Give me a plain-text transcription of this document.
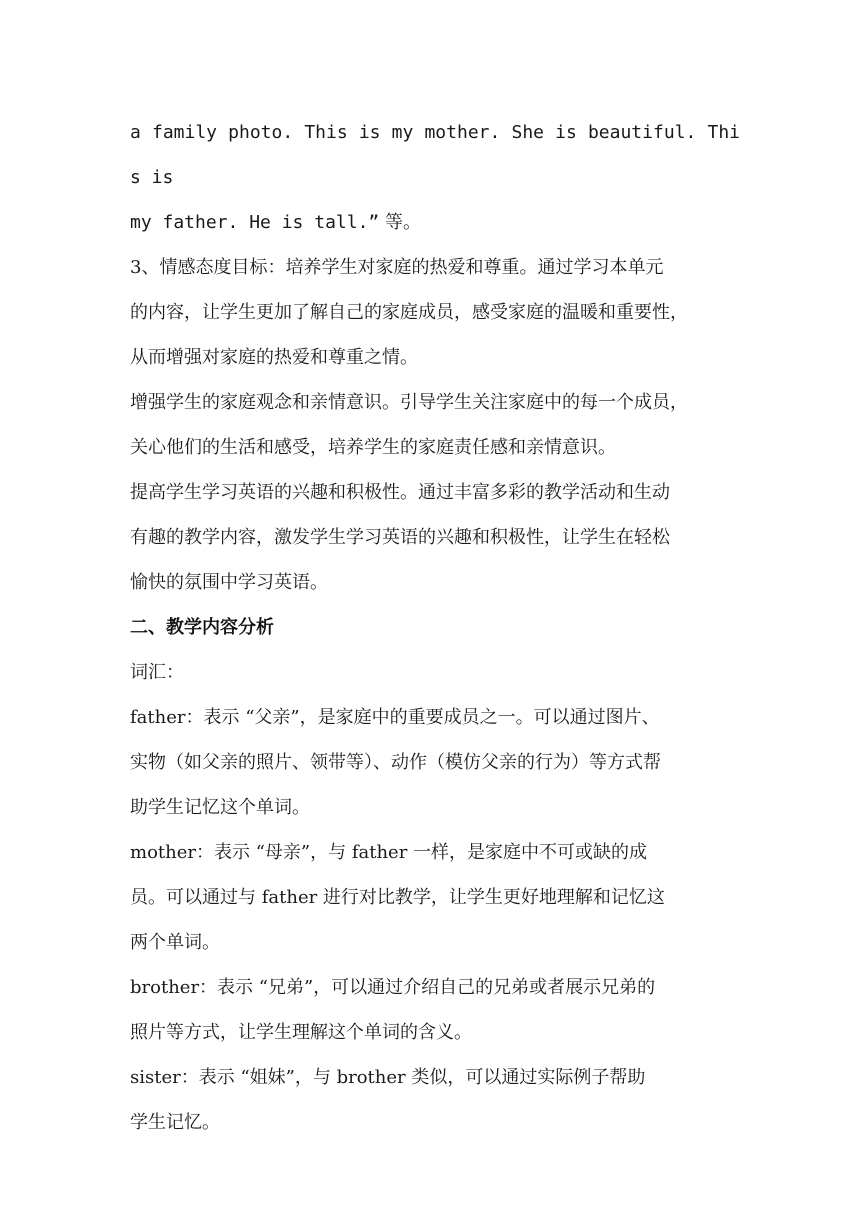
a family photo. This is my mother. She is beautiful. This is
my father. He is tall.” 等。

3、情感态度目标：培养学生对家庭的热爱和尊重。通过学习本单元
的内容，让学生更加了解自己的家庭成员，感受家庭的温暖和重要性，
从而增强对家庭的热爱和尊重之情。

增强学生的家庭观念和亲情意识。引导学生关注家庭中的每一个成员，
关心他们的生活和感受，培养学生的家庭责任感和亲情意识。

提高学生学习英语的兴趣和积极性。通过丰富多彩的教学活动和生动
有趣的教学内容，激发学生学习英语的兴趣和积极性，让学生在轻松
愉快的氛围中学习英语。

二、教学内容分析

词汇：

father：表示 “父亲”，是家庭中的重要成员之一。可以通过图片、
实物（如父亲的照片、领带等）、动作（模仿父亲的行为）等方式帮
助学生记忆这个单词。

mother：表示 “母亲”，与 father 一样，是家庭中不可或缺的成
员。可以通过与 father 进行对比教学，让学生更好地理解和记忆这
两个单词。

brother：表示 “兄弟”，可以通过介绍自己的兄弟或者展示兄弟的
照片等方式，让学生理解这个单词的含义。

sister：表示 “姐妹”，与 brother 类似，可以通过实际例子帮助
学生记忆。
